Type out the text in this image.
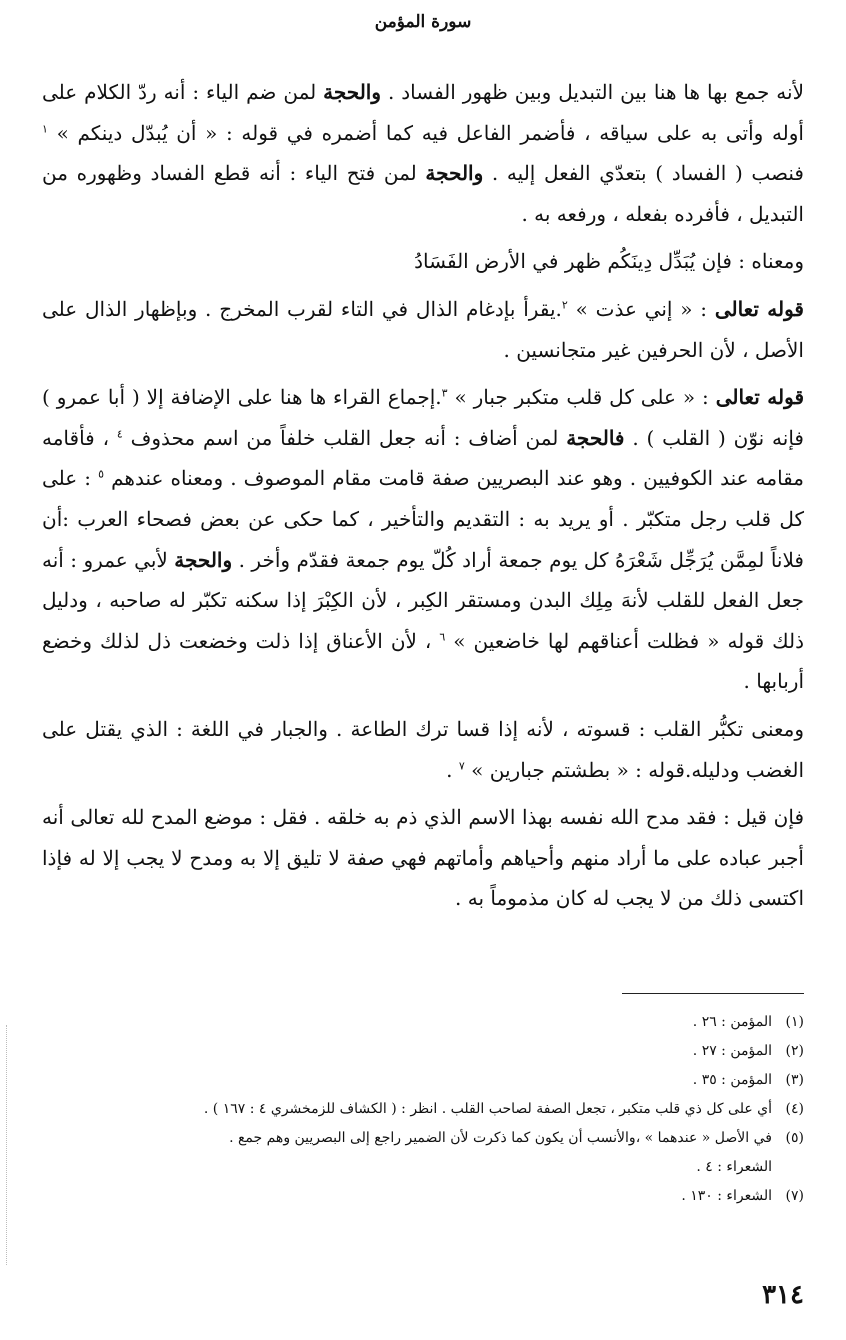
سورة المؤمن

لأنه جمع بها ها هنا بين التبديل وبين ظهور الفساد . والحجة لمن ضم الياء : أنه ردّ الكلام على أوله وأتى به على سياقه ، فأضمر الفاعل فيه كما أضمره في قوله : « أن يُبدّل دينكم » $^١$ فنصب ( الفساد ) بتعدّي الفعل إليه . والحجة لمن فتح الياء : أنه قطع الفساد وظهوره من التبديل ، فأفرده بفعله ، ورفعه به .

ومعناه : فإن يُبَدِّل دِينَكُم ظهر في الأرض الفَسَادُ

قوله تعالى : « إني عذت » $^٢$.يقرأ بإدغام الذال في التاء لقرب المخرج . وبإظهار الذال على الأصل ، لأن الحرفين غير متجانسين .

قوله تعالى : « على كل قلب متكبر جبار » $^٣$.إجماع القراء ها هنا على الإضافة إلا ( أبا عمرو ) فإنه نوّن ( القلب ) . فالحجة لمن أضاف : أنه جعل القلب خلفاً من اسم محذوف $^٤$ ، فأقامه مقامه عند الكوفيين . وهو عند البصريين صفة قامت مقام الموصوف . ومعناه عندهم $^٥$ : على كل قلب رجل متكبّر . أو يريد به : التقديم والتأخير ، كما حكى عن بعض فصحاء العرب :أن فلاناً لمِمَّن يُرَجِّل شَعْرَهُ كل يوم جمعة أراد كُلّ يوم جمعة فقدّم وأخر . والحجة لأبي عمرو : أنه جعل الفعل للقلب لأنهَ مِلِك البدن ومستقر الكِبر ، لأن الكِبْرَ إذا سكنه تكبّر له صاحبه ، ودليل ذلك قوله « فظلت أعناقهم لها خاضعين » $^٦$ ، لأن الأعناق إذا ذلت وخضعت ذل لذلك وخضع أربابها .

ومعنى تكبُّر القلب : قسوته ، لأنه إذا قسا ترك الطاعة . والجبار في اللغة : الذي يقتل على الغضب ودليله.قوله : « بطشتم جبارين » $^٧$ .

فإن قيل : فقد مدح الله نفسه بهذا الاسم الذي ذم به خلقه . فقل : موضع المدح لله تعالى أنه أجبر عباده على ما أراد منهم وأحياهم وأماتهم فهي صفة لا تليق إلا به ومدح لا يجب إلا له فإذا اكتسى ذلك من لا يجب له كان مذموماً به .

(١)المؤمن : ٢٦ .
(٢)المؤمن : ٢٧ .
(٣)المؤمن : ٣٥ .
(٤)أي على كل ذي قلب متكبر ، تجعل الصفة لصاحب القلب . انظر : ( الكشاف للزمخشري ٤ : ١٦٧ ) .
(٥)في الأصل « عندهما » ،والأنسب أن يكون كما ذكرت لأن الضمير راجع إلى البصريين وهم جمع .
الشعراء : ٤ .
(٧)الشعراء : ١٣٠ .
٣١٤
